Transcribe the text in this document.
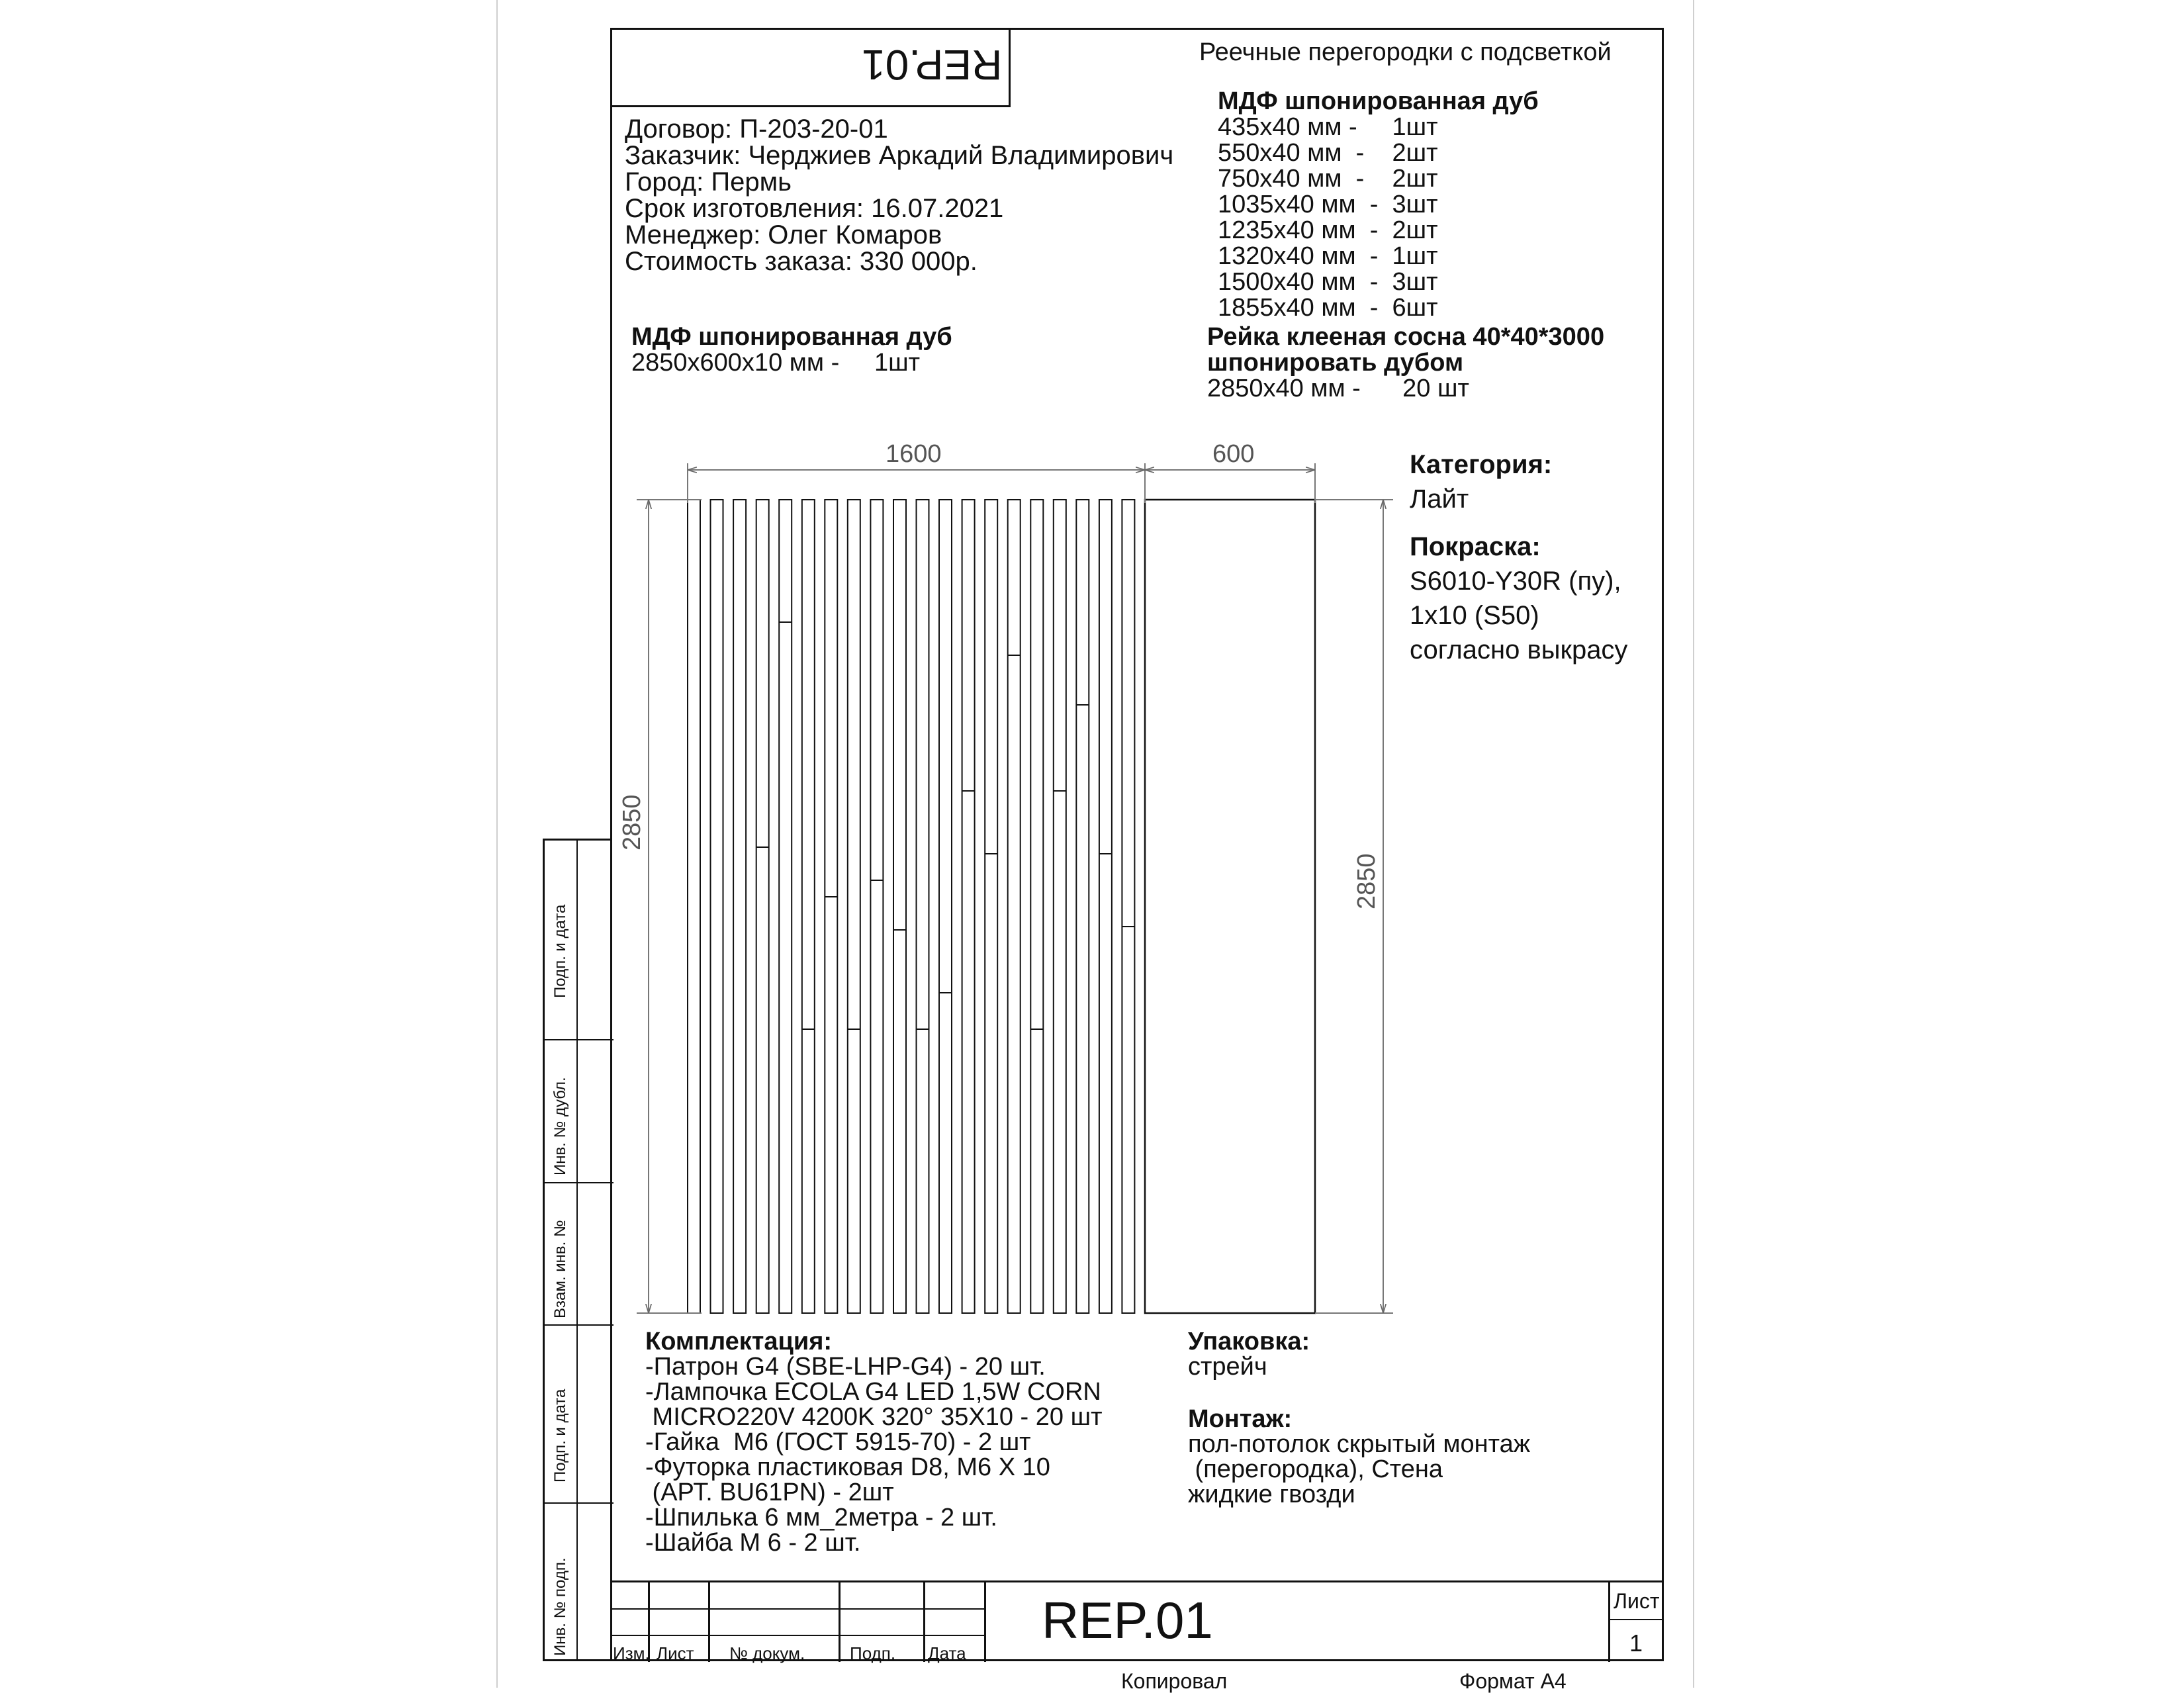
Подп. и дата
Инв. № дубл.
Взам. инв. №
Подп. и дата
Инв. № подп.
REP.01	Реечные перегородки с подсветкой
Договор: П-203-20-01
Заказчик: Черджиев Аркадий Владимирович
Город: Пермь
Срок изготовления: 16.07.2021
Менеджер: Олег Комаров
Стоимость заказа: 330 000р.
МДФ шпонированная дуб
435x40 мм -     1шт
550x40 мм  -    2шт
750x40 мм  -    2шт
1035x40 мм  -  3шт
1235x40 мм  -  2шт
1320x40 мм  -  1шт
1500x40 мм  -  3шт
1855x40 мм  -  6шт
МДФ шпонированная дуб
2850x600x10 мм -     1шт
Рейка клееная сосна 40*40*3000
шпонировать дубом
2850x40 мм -      20 шт
Категория:
Лайт
Покраска:
S6010-Y30R (пу),
1x10 (S50)
согласно выкрасу
1600	600
2850
2850
Комплектация:
-Патрон G4 (SBE-LHP-G4) - 20 шт.
-Лампочка ECOLA G4 LED 1,5W CORN
MICRO220V 4200K 320° 35X10 - 20 шт
-Гайка  М6 (ГОСТ 5915-70) - 2 шт
-Футорка пластиковая D8, M6 X 10
(АРТ. BU61PN) - 2шт
-Шпилька 6 мм_2метра - 2 шт.
-Шайба М 6 - 2 шт.
Упаковка:
стрейч
Монтаж:
пол-потолок скрытый монтаж
(перегородка), Стена
жидкие гвозди
Изм. Лист № докум.	Подп. Дата
REP.01	Лист
1
Копировал	Формат А4
